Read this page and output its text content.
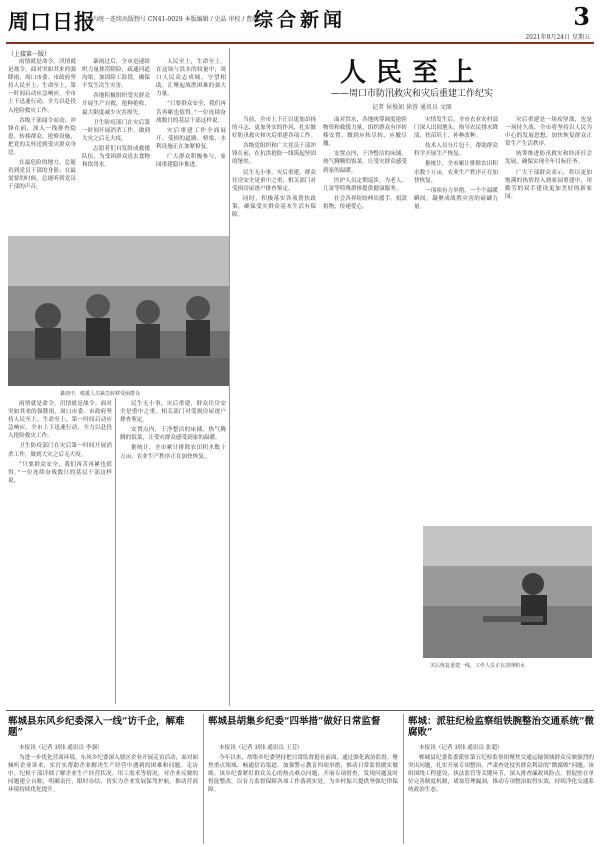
周口日报
国内统一连续出版物号 CN41-0029 本版编辑 / 史晶 审校 / 曹颜
综合新闻	3
2021年9月24日 星期五
人民至上
——周口市防汛救灾和灾后重建工作纪实
记者 侯俊如 徐蓉 通讯员 文图
（上接第一版）
暴雨中，救援人员紧急转移受困群众
灾后恢复重建一线，工作人员正在清理积水

雨情就是命令，汛情就是战令。面对突如其来的强降雨，周口市委、市政府坚持人民至上、生命至上，第一时间启动应急响应，全市上下迅速行动，全力以赴投入抢险救灾工作。

各级干部闻令而动、冲锋在前，深入一线排查隐患、转移群众、抢修设施，把党的关怀送到受灾群众身边。

在最危险的地方，总能看到党员干部的身影；在最需要的时候，总能听到党员干部的声音。

暴雨过后，全市迅速组织力量排涝除险，疏通河道沟渠，加固险工险段，确保不发生次生灾害。

各地积极组织受灾群众开展生产自救，抢种抢收，最大限度减少灾害损失。

卫生防疫部门在灾后第一时间开展消杀工作，做到大灾之后无大疫。

志愿者们自发组成救援队伍，为受困群众送去食物和饮用水。

人民至上，生命至上。在这场与洪水的较量中，周口人民众志成城、守望相助，汇聚起战胜困难的强大力量。

“只要群众安全，我们再苦再累也值得。”一位连续奋战数日的基层干部这样说。

灾后重建工作全面展开，受损的道路、桥梁、水利设施正在加紧修复。

广大群众积极参与，家园重建稳步推进。

当前，全市上下正以更加昂扬的斗志、更加务实的作风，扎实做好防汛救灾和灾后重建各项工作。

各级党组织和广大党员干部冲锋在前，在抗洪抢险一线筑起坚固的堡垒。

民生无小事。灾后重建，群众住房安全是重中之重，相关部门对受损房屋逐户排查鉴定。

同时，积极落实各项帮扶政策，确保受灾群众基本生活有保障。

面对洪水，各地统筹调度抢险物资和救援力量，组织群众有序转移安置，做到应转尽转、应撤尽撤。

安置点内，干净整洁的床铺、热气腾腾的饭菜，让受灾群众感受到家的温暖。

医护人员定期巡诊，为老人、儿童等特殊群体提供健康服务。

社会各界纷纷伸出援手，捐款捐物，传递爱心。

灾情发生后，全市农业农村部门深入田间地头，指导农民排水降渍、扶苗培土、补种改种。

技术人员分片包干，帮助群众科学开展生产恢复。

据统计，全市累计排除农田积水数十万亩，农业生产秩序正在加快恢复。

一项项有力举措，一个个温暖瞬间，凝聚成战胜灾害的磅礴力量。

灾后重建是一场攻坚战，也是一场持久战。全市将坚持以人民为中心的发展思想，加快恢复群众正常生产生活秩序。

统筹推进防汛救灾和经济社会发展，确保实现全年目标任务。

广大干部群众表示，将以更加饱满的热情投入到家园重建中，用勤劳的双手建设更加美好的新家园。

雨情就是命令，汛情就是战令。面对突如其来的强降雨，周口市委、市政府坚持人民至上、生命至上，第一时间启动应急响应，全市上下迅速行动，全力以赴投入抢险救灾工作。

卫生防疫部门在灾后第一时间开展消杀工作，做到大灾之后无大疫。

“只要群众安全，我们再苦再累也值得。”一位连续奋战数日的基层干部这样说。

民生无小事。灾后重建，群众住房安全是重中之重，相关部门对受损房屋逐户排查鉴定。

安置点内，干净整洁的床铺、热气腾腾的饭菜，让受灾群众感受到家的温暖。

据统计，全市累计排除农田积水数十万亩，农业生产秩序正在加快恢复。

郸城县东风乡纪委深入一线“访千企，解难题”

本报讯（记者 刘伟 通讯员 李强）

为进一步优化营商环境，东风乡纪委深入辖区企业开展走访活动，面对面倾听企业诉求，实打实帮助企业解决生产经营中遇到的困难和问题。走访中，纪检干部详细了解企业生产经营状况、用工需求等情况，对企业反映的问题建立台账，明确责任，限时办结，切实为企业发展保驾护航，推动营商环境持续优化提升。

郸城县胡集乡纪委“四举措”做好日常监督

本报讯（记者 刘伟 通讯员 王芳）

今年以来，胡集乡纪委坚持把日常监督挺在前面，通过强化政治监督、聚焦重点领域、畅通信访渠道、加强警示教育四项举措，推动日常监督做实做细。该乡纪委紧盯群众关心的热点难点问题，开展专项督查，发现问题及时督促整改，以有力监督保障各项工作落到实处，为乡村振兴提供坚强纪律保障。

郸城：派驻纪检监察组铁腕整治交通系统“微腐败”

本报讯（记者 刘伟 通讯员 张超）

郸城县纪委监委派驻第五纪检监察组聚焦交通运输领域群众反映强烈的突出问题，扎实开展专项整治，严肃查处侵害群众利益的“微腐败”问题。该组围绕工程建设、执法监管等关键环节，深入排查廉政风险点，督促驻在单位完善制度机制，堵塞管理漏洞，推动专项整治取得实效，持续净化交通系统政治生态。
